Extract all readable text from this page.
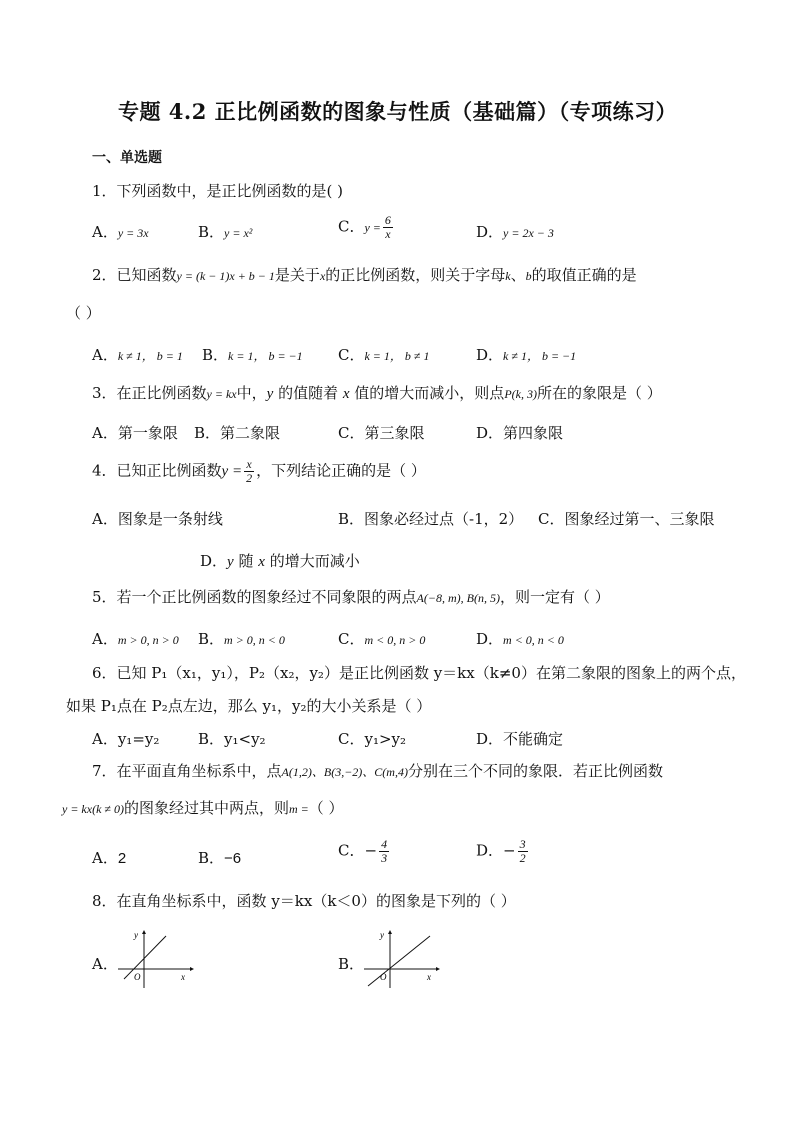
专题 4.2 正比例函数的图象与性质（基础篇）（专项练习）
一、单选题
1．下列函数中，是正比例函数的是( )
A．y = 3x	B．y = x²	C．$y = \frac{6}{x}$	D．y = 2x − 3
2．已知函数y = (k − 1)x + b − 1是关于x的正比例函数，则关于字母k、b的取值正确的是
（ ）
A．k ≠ 1， b = 1 B．k = 1， b = −1 C．k = 1， b ≠ 1	D．k ≠ 1， b = −1
3．在正比例函数y = kx中，y 的值随着 x 值的增大而减小，则点P(k, 3)所在的象限是（ ）
A．第一象限 B．第二象限	C．第三象限	D．第四象限
4．已知正比例函数$y = \frac{x}{2}$ ，下列结论正确的是（ ）
A．图象是一条射线	B．图象必经过点（-1，2） C．图象经过第一、三象限
D．y 随 x 的增大而减小
5．若一个正比例函数的图象经过不同象限的两点A(−8, m), B(n, 5)，则一定有（ ）
A．m > 0, n > 0 B．m > 0, n < 0	C．m < 0, n > 0	D．m < 0, n < 0
6．已知 P₁（x₁，y₁），P₂（x₂，y₂）是正比例函数 y＝kx（k≠0）在第二象限的图象上的两个点，
如果 P₁点在 P₂点左边，那么 y₁，y₂的大小关系是（ ）
A．y₁=y₂	B．y₁<y₂	C．y₁>y₂	D．不能确定
7．在平面直角坐标系中，点A(1,2)、B(3,−2)、C(m,4)分别在三个不同的象限．若正比例函数
y = kx(k ≠ 0)的图象经过其中两点，则m =（ ）
A．2	B．−6	C．− $\frac{4}{3}$	D．− $\frac{3}{2}$
8．在直角坐标系中，函数 y＝kx（k＜0）的图象是下列的（ ）
A．	B．
y
x
O
y
x
O
